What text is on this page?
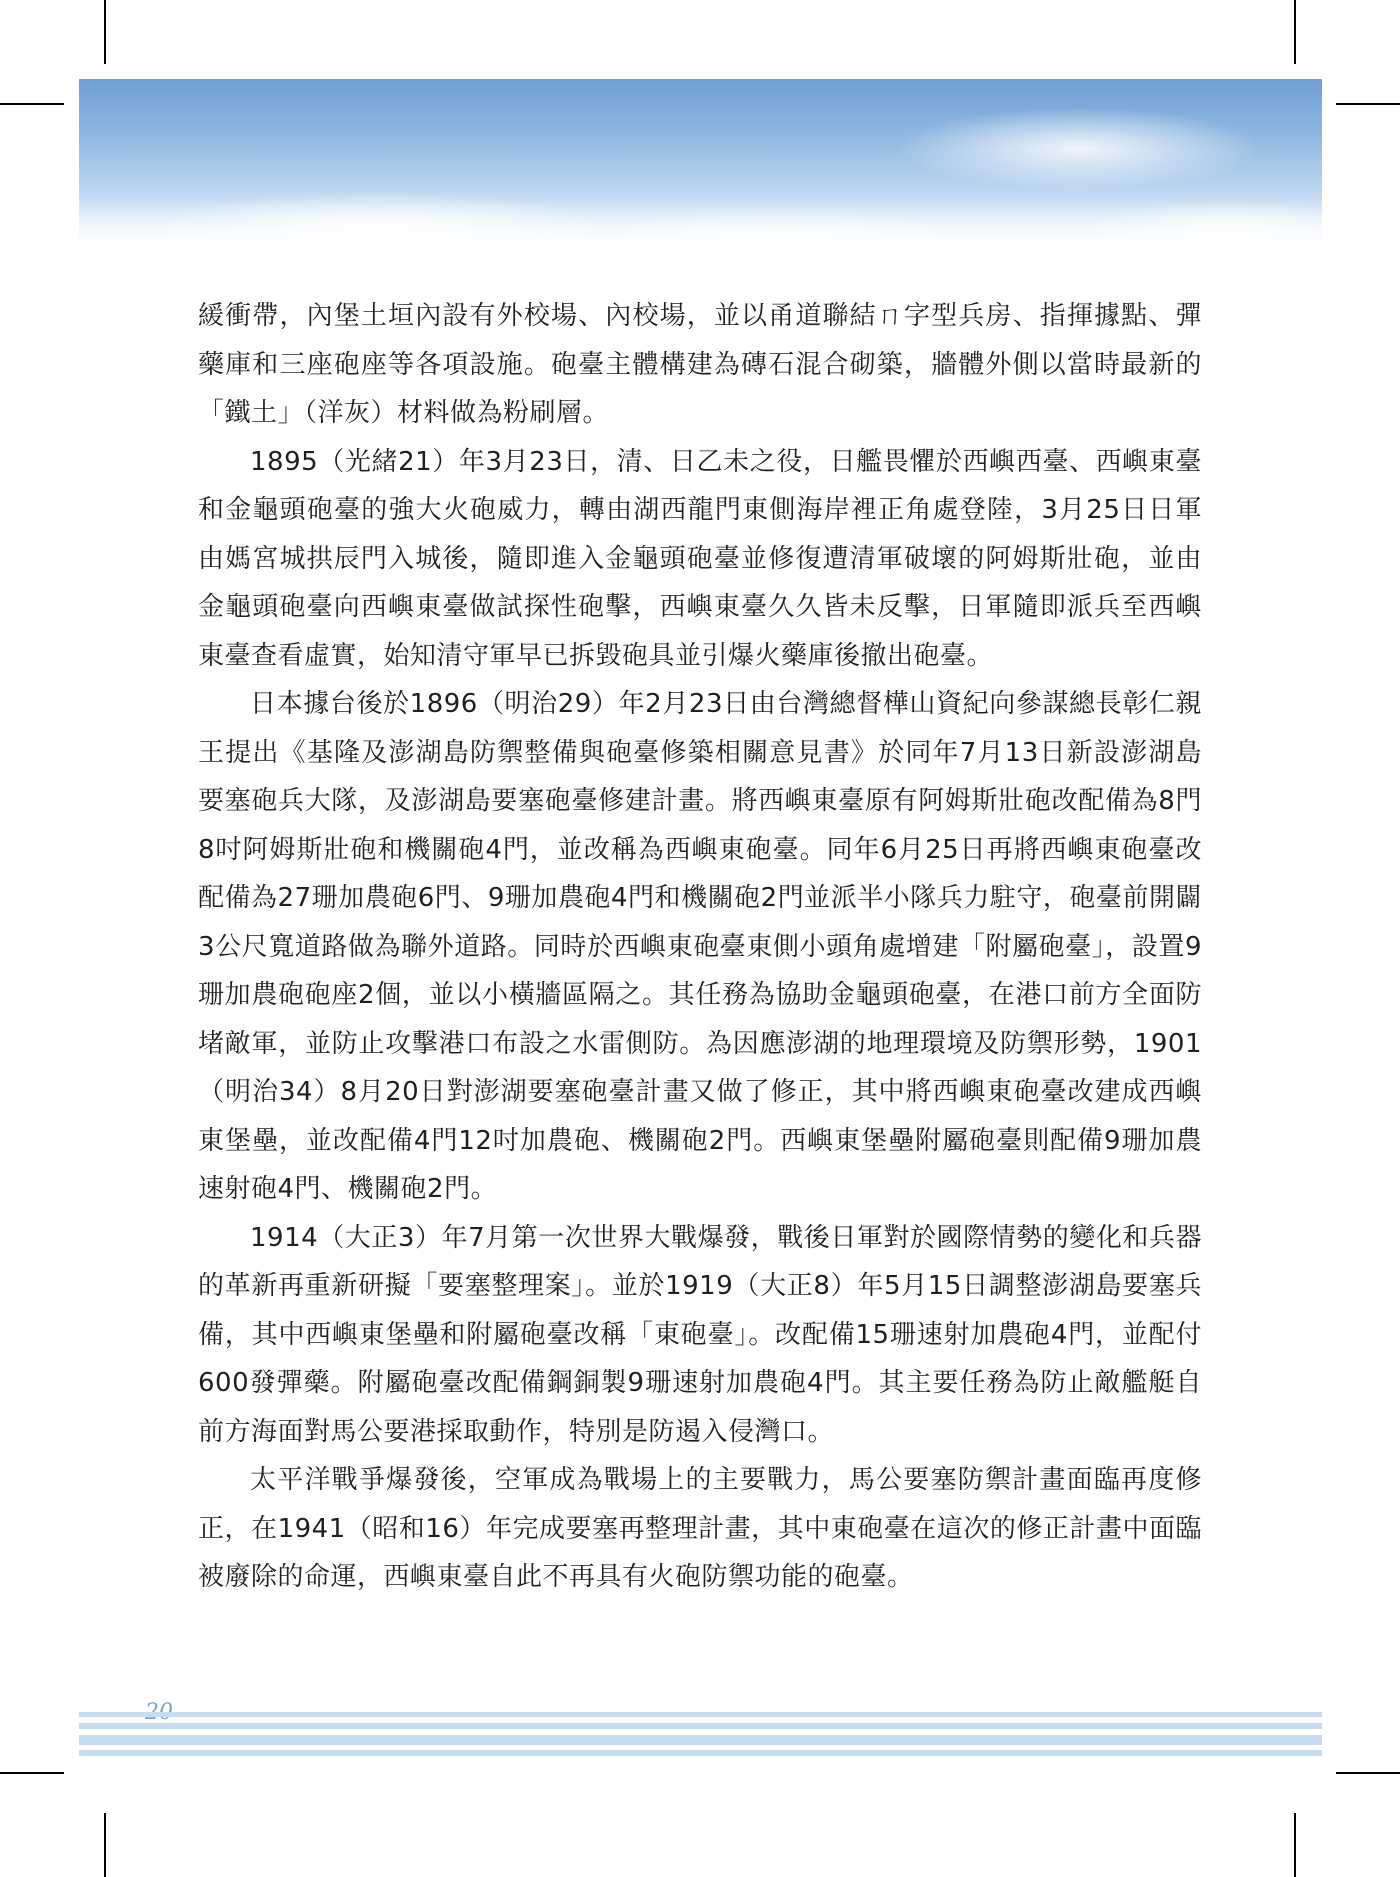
緩衝帶，內堡土垣內設有外校場、內校場，並以甬道聯結ㄇ字型兵房、指揮據點、彈藥庫和三座砲座等各項設施。砲臺主體構建為磚石混合砌築，牆體外側以當時最新的「鐵土」（洋灰）材料做為粉刷層。

1895（光緒21）年3月23日，清、日乙未之役，日艦畏懼於西嶼西臺、西嶼東臺和金龜頭砲臺的強大火砲威力，轉由湖西龍門東側海岸裡正角處登陸，3月25日日軍由媽宮城拱辰門入城後，隨即進入金龜頭砲臺並修復遭清軍破壞的阿姆斯壯砲，並由金龜頭砲臺向西嶼東臺做試探性砲擊，西嶼東臺久久皆未反擊，日軍隨即派兵至西嶼東臺查看虛實，始知清守軍早已拆毀砲具並引爆火藥庫後撤出砲臺。

日本據台後於1896（明治29）年2月23日由台灣總督樺山資紀向參謀總長彰仁親王提出《基隆及澎湖島防禦整備與砲臺修築相關意見書》於同年7月13日新設澎湖島要塞砲兵大隊，及澎湖島要塞砲臺修建計畫。將西嶼東臺原有阿姆斯壯砲改配備為8門8吋阿姆斯壯砲和機關砲4門，並改稱為西嶼東砲臺。同年6月25日再將西嶼東砲臺改配備為27珊加農砲6門、9珊加農砲4門和機關砲2門並派半小隊兵力駐守，砲臺前開闢3公尺寬道路做為聯外道路。同時於西嶼東砲臺東側小頭角處增建「附屬砲臺」，設置9珊加農砲砲座2個，並以小橫牆區隔之。其任務為協助金龜頭砲臺，在港口前方全面防堵敵軍，並防止攻擊港口布設之水雷側防。為因應澎湖的地理環境及防禦形勢，1901（明治34）8月20日對澎湖要塞砲臺計畫又做了修正，其中將西嶼東砲臺改建成西嶼東堡壘，並改配備4門12吋加農砲、機關砲2門。西嶼東堡壘附屬砲臺則配備9珊加農速射砲4門、機關砲2門。

1914（大正3）年7月第一次世界大戰爆發，戰後日軍對於國際情勢的變化和兵器的革新再重新研擬「要塞整理案」。並於1919（大正8）年5月15日調整澎湖島要塞兵備，其中西嶼東堡壘和附屬砲臺改稱「東砲臺」。改配備15珊速射加農砲4門，並配付600發彈藥。附屬砲臺改配備鋼銅製9珊速射加農砲4門。其主要任務為防止敵艦艇自前方海面對馬公要港採取動作，特別是防遏入侵灣口。

太平洋戰爭爆發後，空軍成為戰場上的主要戰力，馬公要塞防禦計畫面臨再度修正，在1941（昭和16）年完成要塞再整理計畫，其中東砲臺在這次的修正計畫中面臨被廢除的命運，西嶼東臺自此不再具有火砲防禦功能的砲臺。
